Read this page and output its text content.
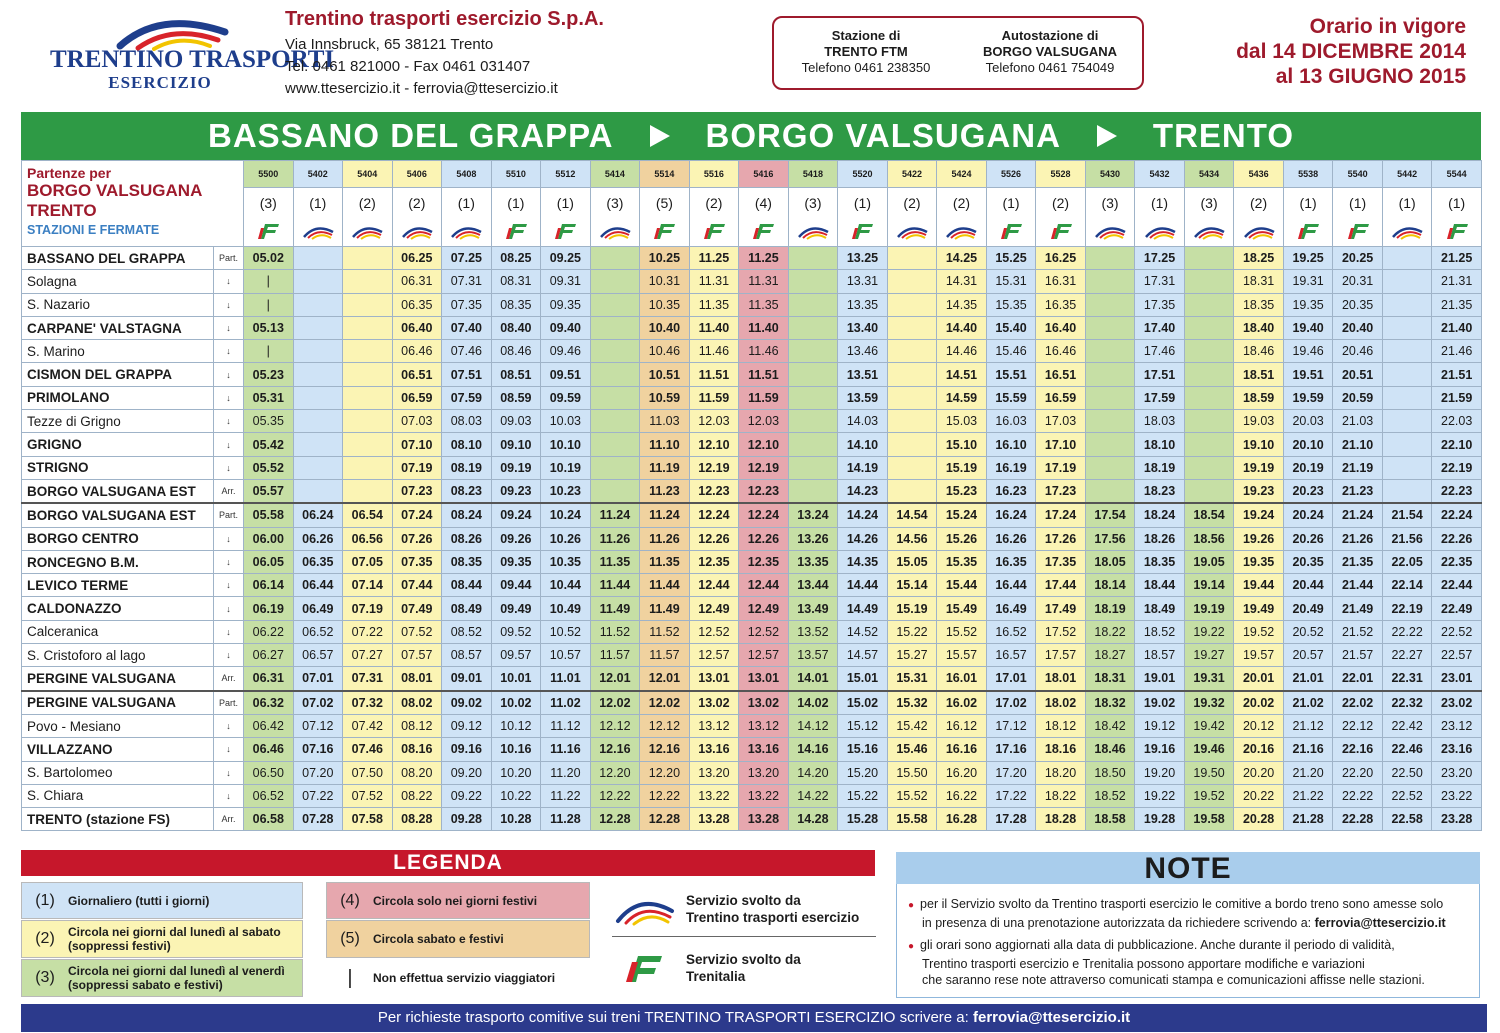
TRENTINO TRASPORTI
ESERCIZIO
Trentino trasporti esercizio S.p.A.
Via Innsbruck, 65 38121 Trento
Tel. 0461 821000 - Fax 0461 031407
www.ttesercizio.it - ferrovia@ttesercizio.it
Stazione di
TRENTO FTM
Telefono 0461 238350
Autostazione di
BORGO VALSUGANA
Telefono 0461 754049
Orario in vigore
dal 14 DICEMBRE 2014
al 13 GIUGNO 2015
BASSANO DEL GRAPPA	BORGO VALSUGANA	TRENTO
Partenze per
BORGO VALSUGANA
TRENTO
STAZIONI E FERMATE		5500	5402	5404	5406	5408	5510	5512	5414	5514	5516	5416	5418	5520	5422	5424	5526	5528	5430	5432	5434	5436	5538	5540	5442	5544
		(3)	(1)	(2)	(2)	(1)	(1)	(1)	(3)	(5)	(2)	(4)	(3)	(1)	(2)	(2)	(1)	(2)	(3)	(1)	(3)	(2)	(1)	(1)	(1)	(1)

BASSANO DEL GRAPPA	Part.	05.02			06.25	07.25	08.25	09.25		10.25	11.25	11.25		13.25		14.25	15.25	16.25		17.25		18.25	19.25	20.25		21.25
Solagna	↓	|			06.31	07.31	08.31	09.31		10.31	11.31	11.31		13.31		14.31	15.31	16.31		17.31		18.31	19.31	20.31		21.31
S. Nazario	↓	|			06.35	07.35	08.35	09.35		10.35	11.35	11.35		13.35		14.35	15.35	16.35		17.35		18.35	19.35	20.35		21.35
CARPANE' VALSTAGNA	↓	05.13			06.40	07.40	08.40	09.40		10.40	11.40	11.40		13.40		14.40	15.40	16.40		17.40		18.40	19.40	20.40		21.40
S. Marino	↓	|			06.46	07.46	08.46	09.46		10.46	11.46	11.46		13.46		14.46	15.46	16.46		17.46		18.46	19.46	20.46		21.46
CISMON DEL GRAPPA	↓	05.23			06.51	07.51	08.51	09.51		10.51	11.51	11.51		13.51		14.51	15.51	16.51		17.51		18.51	19.51	20.51		21.51
PRIMOLANO	↓	05.31			06.59	07.59	08.59	09.59		10.59	11.59	11.59		13.59		14.59	15.59	16.59		17.59		18.59	19.59	20.59		21.59
Tezze di Grigno	↓	05.35			07.03	08.03	09.03	10.03		11.03	12.03	12.03		14.03		15.03	16.03	17.03		18.03		19.03	20.03	21.03		22.03
GRIGNO	↓	05.42			07.10	08.10	09.10	10.10		11.10	12.10	12.10		14.10		15.10	16.10	17.10		18.10		19.10	20.10	21.10		22.10
STRIGNO	↓	05.52			07.19	08.19	09.19	10.19		11.19	12.19	12.19		14.19		15.19	16.19	17.19		18.19		19.19	20.19	21.19		22.19
BORGO VALSUGANA EST	Arr.	05.57			07.23	08.23	09.23	10.23		11.23	12.23	12.23		14.23		15.23	16.23	17.23		18.23		19.23	20.23	21.23		22.23
BORGO VALSUGANA EST	Part.	05.58	06.24	06.54	07.24	08.24	09.24	10.24	11.24	11.24	12.24	12.24	13.24	14.24	14.54	15.24	16.24	17.24	17.54	18.24	18.54	19.24	20.24	21.24	21.54	22.24
BORGO CENTRO	↓	06.00	06.26	06.56	07.26	08.26	09.26	10.26	11.26	11.26	12.26	12.26	13.26	14.26	14.56	15.26	16.26	17.26	17.56	18.26	18.56	19.26	20.26	21.26	21.56	22.26
RONCEGNO B.M.	↓	06.05	06.35	07.05	07.35	08.35	09.35	10.35	11.35	11.35	12.35	12.35	13.35	14.35	15.05	15.35	16.35	17.35	18.05	18.35	19.05	19.35	20.35	21.35	22.05	22.35
LEVICO TERME	↓	06.14	06.44	07.14	07.44	08.44	09.44	10.44	11.44	11.44	12.44	12.44	13.44	14.44	15.14	15.44	16.44	17.44	18.14	18.44	19.14	19.44	20.44	21.44	22.14	22.44
CALDONAZZO	↓	06.19	06.49	07.19	07.49	08.49	09.49	10.49	11.49	11.49	12.49	12.49	13.49	14.49	15.19	15.49	16.49	17.49	18.19	18.49	19.19	19.49	20.49	21.49	22.19	22.49
Calceranica	↓	06.22	06.52	07.22	07.52	08.52	09.52	10.52	11.52	11.52	12.52	12.52	13.52	14.52	15.22	15.52	16.52	17.52	18.22	18.52	19.22	19.52	20.52	21.52	22.22	22.52
S. Cristoforo al lago	↓	06.27	06.57	07.27	07.57	08.57	09.57	10.57	11.57	11.57	12.57	12.57	13.57	14.57	15.27	15.57	16.57	17.57	18.27	18.57	19.27	19.57	20.57	21.57	22.27	22.57
PERGINE VALSUGANA	Arr.	06.31	07.01	07.31	08.01	09.01	10.01	11.01	12.01	12.01	13.01	13.01	14.01	15.01	15.31	16.01	17.01	18.01	18.31	19.01	19.31	20.01	21.01	22.01	22.31	23.01
PERGINE VALSUGANA	Part.	06.32	07.02	07.32	08.02	09.02	10.02	11.02	12.02	12.02	13.02	13.02	14.02	15.02	15.32	16.02	17.02	18.02	18.32	19.02	19.32	20.02	21.02	22.02	22.32	23.02
Povo - Mesiano	↓	06.42	07.12	07.42	08.12	09.12	10.12	11.12	12.12	12.12	13.12	13.12	14.12	15.12	15.42	16.12	17.12	18.12	18.42	19.12	19.42	20.12	21.12	22.12	22.42	23.12
VILLAZZANO	↓	06.46	07.16	07.46	08.16	09.16	10.16	11.16	12.16	12.16	13.16	13.16	14.16	15.16	15.46	16.16	17.16	18.16	18.46	19.16	19.46	20.16	21.16	22.16	22.46	23.16
S. Bartolomeo	↓	06.50	07.20	07.50	08.20	09.20	10.20	11.20	12.20	12.20	13.20	13.20	14.20	15.20	15.50	16.20	17.20	18.20	18.50	19.20	19.50	20.20	21.20	22.20	22.50	23.20
S. Chiara	↓	06.52	07.22	07.52	08.22	09.22	10.22	11.22	12.22	12.22	13.22	13.22	14.22	15.22	15.52	16.22	17.22	18.22	18.52	19.22	19.52	20.22	21.22	22.22	22.52	23.22
TRENTO (stazione FS)	Arr.	06.58	07.28	07.58	08.28	09.28	10.28	11.28	12.28	12.28	13.28	13.28	14.28	15.28	15.58	16.28	17.28	18.28	18.58	19.28	19.58	20.28	21.28	22.28	22.58	23.28
LEGENDA
(1)	Giornaliero (tutti i giorni)
(2)	Circola nei giorni dal lunedì al sabato (soppressi festivi)
(3)	Circola nei giorni dal lunedì al venerdì (soppressi sabato e festivi)
(4)	Circola solo nei giorni festivi
(5)	Circola sabato e festivi
|	Non effettua servizio viaggiatori
Servizio svolto da
Trentino trasporti esercizio
Servizio svolto da
Trenitalia
NOTE
● per il Servizio svolto da Trentino trasporti esercizio le comitive a bordo treno sono amesse solo
in presenza di una prenotazione autorizzata da richiedere scrivendo a: ferrovia@ttesercizio.it
● gli orari sono aggiornati alla data di pubblicazione. Anche durante il periodo di validità,
Trentino trasporti esercizio e Trenitalia possono apportare modifiche e variazioni
che saranno rese note attraverso comunicati stampa e comunicazioni affisse nelle stazioni.
Per richieste trasporto comitive sui treni TRENTINO TRASPORTI ESERCIZIO scrivere a: ferrovia@ttesercizio.it
